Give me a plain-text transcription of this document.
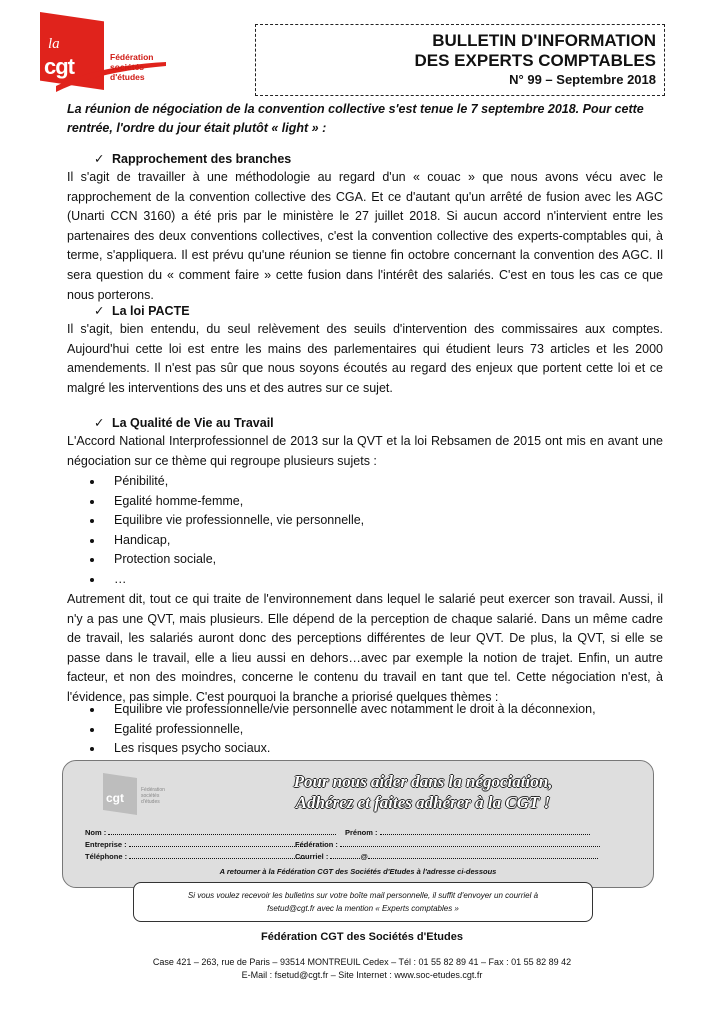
la
cgt	Fédération
sociétés
d'études
BULLETIN D'INFORMATION
DES EXPERTS COMPTABLES
N° 99 – Septembre 2018
La réunion de négociation de la convention collective s'est tenue le 7 septembre 2018. Pour cette rentrée, l'ordre du jour était plutôt « light » :
✓ Rapprochement des branches
Il s'agit de travailler à une méthodologie au regard d'un « couac » que nous avons vécu avec le rapprochement de la convention collective des CGA. Et ce d'autant qu'un arrêté de fusion avec les AGC (Unarti CCN 3160) a été pris par le ministère le 27 juillet 2018. Si aucun accord n'intervient entre les partenaires des deux conventions collectives, c'est la convention collective des experts-comptables qui, à terme, s'appliquera. Il est prévu qu'une réunion se tienne fin octobre concernant la convention des AGC. Il sera question du « comment faire » cette fusion dans l'intérêt des salariés. C'est en tous les cas ce que nous porterons.
✓ La loi PACTE
Il s'agit, bien entendu, du seul relèvement des seuils d'intervention des commissaires aux comptes. Aujourd'hui cette loi est entre les mains des parlementaires qui étudient leurs 73 articles et les 2000 amendements. Il n'est pas sûr que nous soyons écoutés au regard des enjeux que portent cette loi et ce malgré les interventions des uns et des autres sur ce sujet.
✓ La Qualité de Vie au Travail
L'Accord National Interprofessionnel de 2013 sur la QVT et la loi Rebsamen de 2015 ont mis en avant une négociation sur ce thème qui regroupe plusieurs sujets :
Pénibilité,
Egalité homme-femme,
Equilibre vie professionnelle, vie personnelle,
Handicap,
Protection sociale,
…
Autrement dit, tout ce qui traite de l'environnement dans lequel le salarié peut exercer son travail. Aussi, il n'y a pas une QVT, mais plusieurs. Elle dépend de la perception de chaque salarié. Dans un même cadre de travail, les salariés auront donc des perceptions différentes de leur QVT. De plus, la QVT, si elle se passe dans le travail, elle a lieu aussi en dehors…avec par exemple la notion de trajet. Enfin, un autre facteur, et non des moindres, concerne le contenu du travail en tant que tel. Cette négociation n'est, à l'évidence, pas simple. C'est pourquoi la branche a priorisé quelques thèmes :
Equilibre vie professionnelle/vie personnelle avec notamment le droit à la déconnexion,
Egalité professionnelle,
Les risques psycho sociaux.
cgt
Fédération
sociétés
d'études
Pour nous aider dans la négociation,
Adhérez et faites adhérer à la CGT !
Nom :	Prénom :
Entreprise :	Fédération :
Téléphone :	Courriel :	@
A retourner à la Fédération CGT des Sociétés d'Etudes à l'adresse ci-dessous
Si vous voulez recevoir les bulletins sur votre boîte mail personnelle, il suffit d'envoyer un courriel à
fsetud@cgt.fr avec la mention « Experts comptables »
Fédération CGT des Sociétés d'Etudes
Case 421 – 263, rue de Paris – 93514 MONTREUIL Cedex – Tél : 01 55 82 89 41 – Fax : 01 55 82 89 42
E-Mail : fsetud@cgt.fr – Site Internet : www.soc-etudes.cgt.fr
